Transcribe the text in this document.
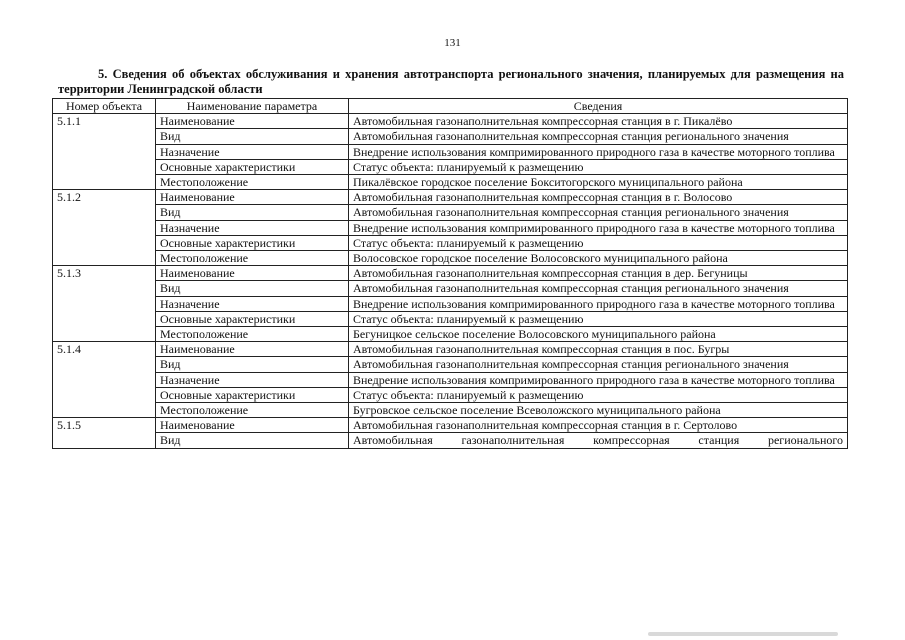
131
5. Сведения об объектах обслуживания и хранения автотранспорта регионального значения, планируемых для размещения на территории Ленинградской области
Номер объекта	Наименование параметра	Сведения
5.1.1	Наименование	Автомобильная газонаполнительная компрессорная станция в г. Пикалёво
	Вид	Автомобильная газонаполнительная компрессорная станция регионального значения
	Назначение	Внедрение использования компримированного природного газа в качестве моторного топлива
	Основные характеристики	Статус объекта: планируемый к размещению
	Местоположение	Пикалёвское городское поселение Бокситогорского муниципального района
5.1.2	Наименование	Автомобильная газонаполнительная компрессорная станция в г. Волосово
	Вид	Автомобильная газонаполнительная компрессорная станция регионального значения
	Назначение	Внедрение использования компримированного природного газа в качестве моторного топлива
	Основные характеристики	Статус объекта: планируемый к размещению
	Местоположение	Волосовское городское поселение Волосовского муниципального района
5.1.3	Наименование	Автомобильная газонаполнительная компрессорная станция в дер. Бегуницы
	Вид	Автомобильная газонаполнительная компрессорная станция регионального значения
	Назначение	Внедрение использования компримированного природного газа в качестве моторного топлива
	Основные характеристики	Статус объекта: планируемый к размещению
	Местоположение	Бегуницкое сельское поселение Волосовского муниципального района
5.1.4	Наименование	Автомобильная газонаполнительная компрессорная станция в пос. Бугры
	Вид	Автомобильная газонаполнительная компрессорная станция регионального значения
	Назначение	Внедрение использования компримированного природного газа в качестве моторного топлива
	Основные характеристики	Статус объекта: планируемый к размещению
	Местоположение	Бугровское сельское поселение Всеволожского муниципального района
5.1.5	Наименование	Автомобильная газонаполнительная компрессорная станция в г. Сертолово
	Вид	Автомобильная газонаполнительная компрессорная станция регионального
